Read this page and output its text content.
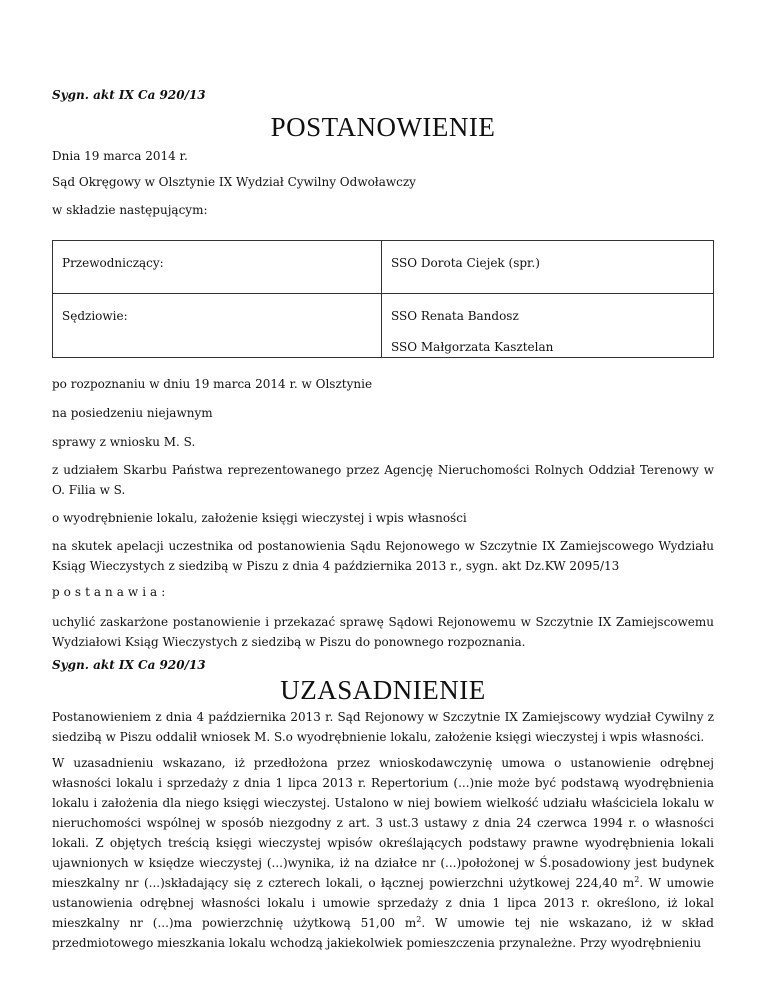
Sygn. akt IX Ca 920/13
POSTANOWIENIE
Dnia 19 marca 2014 r.
Sąd Okręgowy w Olsztynie IX Wydział Cywilny Odwoławczy
w składzie następującym:
Przewodniczący:	SSO Dorota Ciejek (spr.)
Sędziowie:	SSO Renata Bandosz
SSO Małgorzata Kasztelan
po rozpoznaniu w dniu 19 marca 2014 r. w Olsztynie
na posiedzeniu niejawnym
sprawy z wniosku M. S.
z udziałem Skarbu Państwa reprezentowanego przez Agencję Nieruchomości Rolnych Oddział Terenowy w O. Filia w S.
o wyodrębnienie lokalu, założenie księgi wieczystej i wpis własności
na skutek apelacji uczestnika od postanowienia Sądu Rejonowego w Szczytnie IX Zamiejscowego Wydziału Ksiąg Wieczystych z siedzibą w Piszu z dnia 4 października 2013 r., sygn. akt Dz.KW 2095/13
postanawia:
uchylić zaskarżone postanowienie i przekazać sprawę Sądowi Rejonowemu w Szczytnie IX Zamiejscowemu Wydziałowi Ksiąg Wieczystych z siedzibą w Piszu do ponownego rozpoznania.
Sygn. akt IX Ca 920/13
UZASADNIENIE
Postanowieniem z dnia 4 października 2013 r. Sąd Rejonowy w Szczytnie IX Zamiejscowy wydział Cywilny z siedzibą w Piszu oddalił wniosek M. S.o wyodrębnienie lokalu, założenie księgi wieczystej i wpis własności.
W uzasadnieniu wskazano, iż przedłożona przez wnioskodawczynię umowa o ustanowienie odrębnej własności lokalu i sprzedaży z dnia 1 lipca 2013 r. Repertorium (...)nie może być podstawą wyodrębnienia lokalu i założenia dla niego księgi wieczystej. Ustalono w niej bowiem wielkość udziału właściciela lokalu w nieruchomości wspólnej w sposób niezgodny z art. 3 ust.3 ustawy z dnia 24 czerwca 1994 r. o własności lokali. Z objętych treścią księgi wieczystej wpisów określających podstawy prawne wyodrębnienia lokali ujawnionych w księdze wieczystej (...)wynika, iż na działce nr (...)położonej w Ś.posadowiony jest budynek mieszkalny nr (...)składający się z czterech lokali, o łącznej powierzchni użytkowej 224,40 $m^2$. W umowie ustanowienia odrębnej własności lokalu i umowie sprzedaży z dnia 1 lipca 2013 r. określono, iż lokal mieszkalny nr (...)ma powierzchnię użytkową 51,00 $m^2$. W umowie tej nie wskazano, iż w skład przedmiotowego mieszkania lokalu wchodzą jakiekolwiek pomieszczenia przynależne. Przy wyodrębnieniu
